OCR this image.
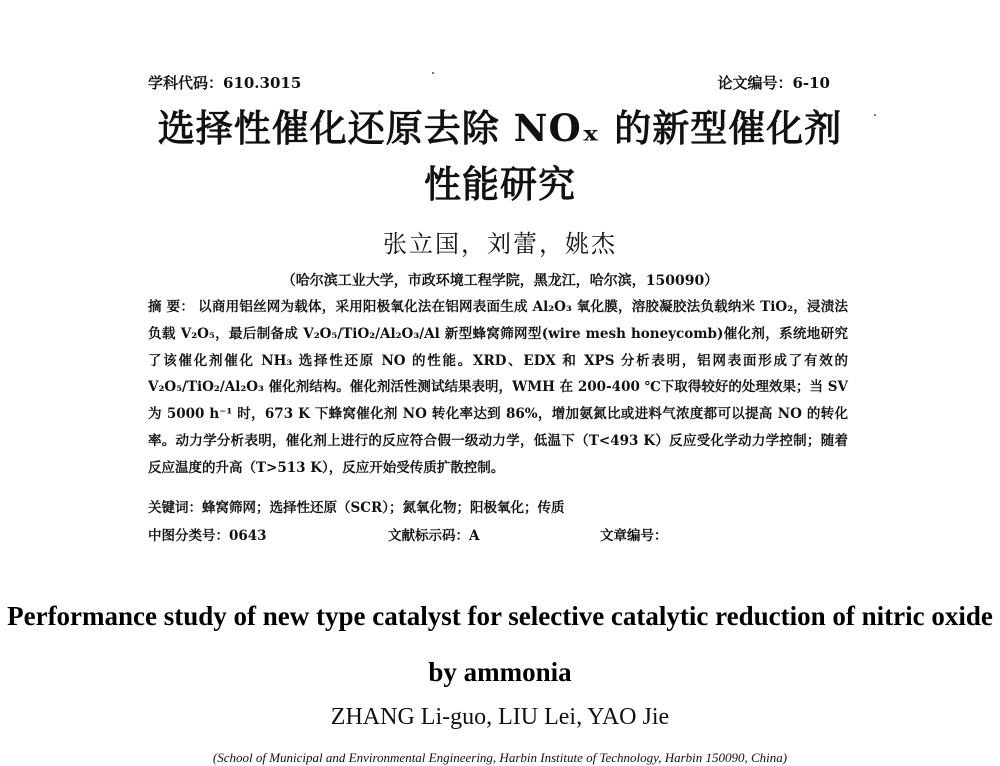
学科代码：610.3015	论文编号：6-10
选择性催化还原去除 NOₓ 的新型催化剂性能研究
张立国，刘蕾，姚杰
（哈尔滨工业大学，市政环境工程学院，黑龙江，哈尔滨，150090）
摘 要： 以商用铝丝网为载体，采用阳极氧化法在铝网表面生成 Al₂O₃ 氧化膜，溶胶凝胶法负载纳米 TiO₂，浸渍法负载 V₂O₅，最后制备成 V₂O₅/TiO₂/Al₂O₃/Al 新型蜂窝筛网型(wire mesh honeycomb)催化剂，系统地研究了该催化剂催化 NH₃ 选择性还原 NO 的性能。XRD、EDX 和 XPS 分析表明，铝网表面形成了有效的 V₂O₅/TiO₂/Al₂O₃ 催化剂结构。催化剂活性测试结果表明，WMH 在 200-400 ℃下取得较好的处理效果；当 SV 为 5000 h⁻¹ 时，673 K 下蜂窝催化剂 NO 转化率达到 86%，增加氨氮比或进料气浓度都可以提高 NO 的转化率。动力学分析表明，催化剂上进行的反应符合假一级动力学，低温下（T<493 K）反应受化学动力学控制；随着反应温度的升高（T>513 K），反应开始受传质扩散控制。
关键词：蜂窝筛网；选择性还原（SCR）；氮氧化物；阳极氧化；传质
中图分类号：0643	文献标示码：A	文章编号：
Performance study of new type catalyst for selective catalytic reduction of nitric oxide by ammonia
ZHANG Li-guo, LIU Lei, YAO Jie
(School of Municipal and Environmental Engineering, Harbin Institute of Technology, Harbin 150090, China)
